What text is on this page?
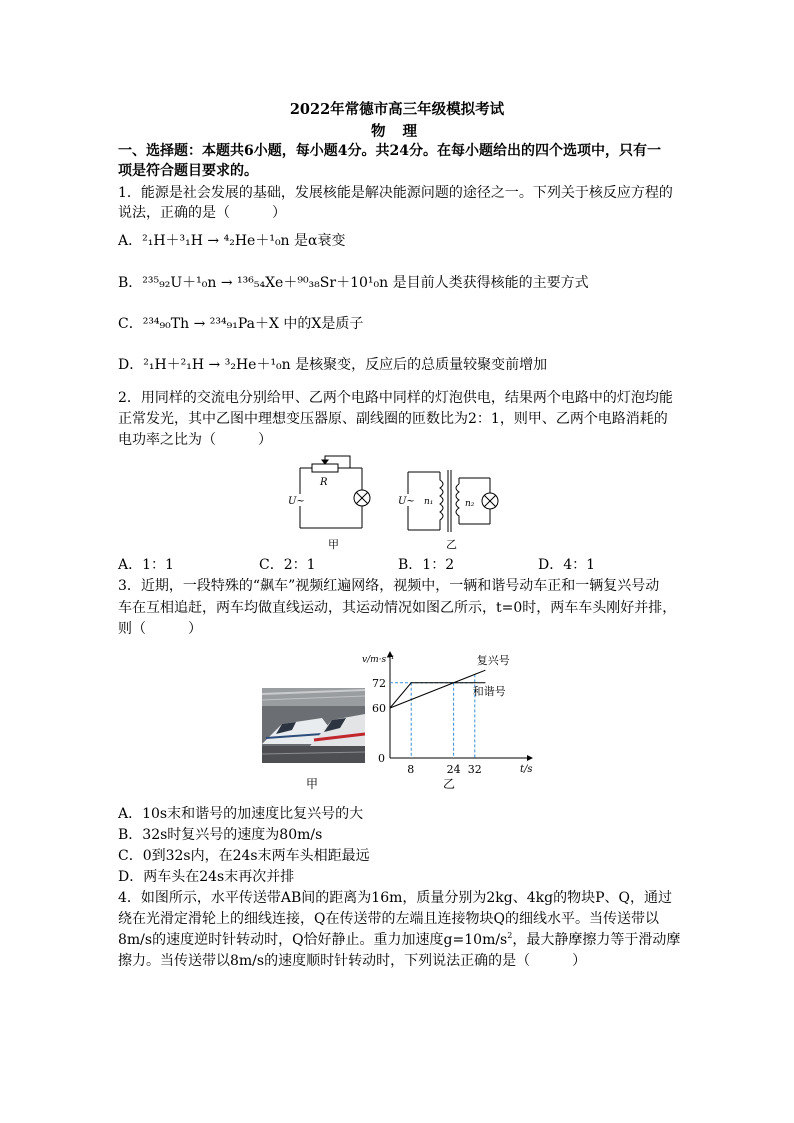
2022年常德市高三年级模拟考试
物 理
一、选择题：本题共6小题，每小题4分。共24分。在每小题给出的四个选项中，只有一
项是符合题目要求的。
1．能源是社会发展的基础，发展核能是解决能源问题的途径之一。下列关于核反应方程的
说法，正确的是（　　　）
A．²₁H＋³₁H → ⁴₂He＋¹₀n 是α衰变
B．²³⁵₉₂U＋¹₀n → ¹³⁶₅₄Xe＋⁹⁰₃₈Sr＋10¹₀n 是目前人类获得核能的主要方式
C．²³⁴₉₀Th → ²³⁴₉₁Pa＋X 中的X是质子
D．²₁H＋²₁H → ³₂He＋¹₀n 是核聚变，反应后的总质量较聚变前增加
2．用同样的交流电分别给甲、乙两个电路中同样的灯泡供电，结果两个电路中的灯泡均能
正常发光，其中乙图中理想变压器原、副线圈的匝数比为2：1，则甲、乙两个电路消耗的
电功率之比为（　　　）
R
U~	U~ n₁	n₂
甲	乙
A．1：1	C．2：1	B．1：2	D．4：1
3．近期，一段特殊的“飙车”视频红遍网络，视频中，一辆和谐号动车正和一辆复兴号动
车在互相追赶，两车均做直线运动，其运动情况如图乙所示，t=0时，两车车头刚好并排，
则（　　　）
甲
v/m·s⁻¹
t/s
复兴号
和谐号
0
8	24 32
72
60
乙
A．10s末和谐号的加速度比复兴号的大
B．32s时复兴号的速度为80m/s
C．0到32s内，在24s末两车头相距最远
D．两车头在24s末再次并排
4．如图所示，水平传送带AB间的距离为16m，质量分别为2kg、4kg的物块P、Q，通过
绕在光滑定滑轮上的细线连接，Q在传送带的左端且连接物块Q的细线水平。当传送带以
8m/s的速度逆时针转动时，Q恰好静止。重力加速度$g=10m/s^2$，最大静摩擦力等于滑动摩
擦力。当传送带以8m/s的速度顺时针转动时，下列说法正确的是（　　　）
